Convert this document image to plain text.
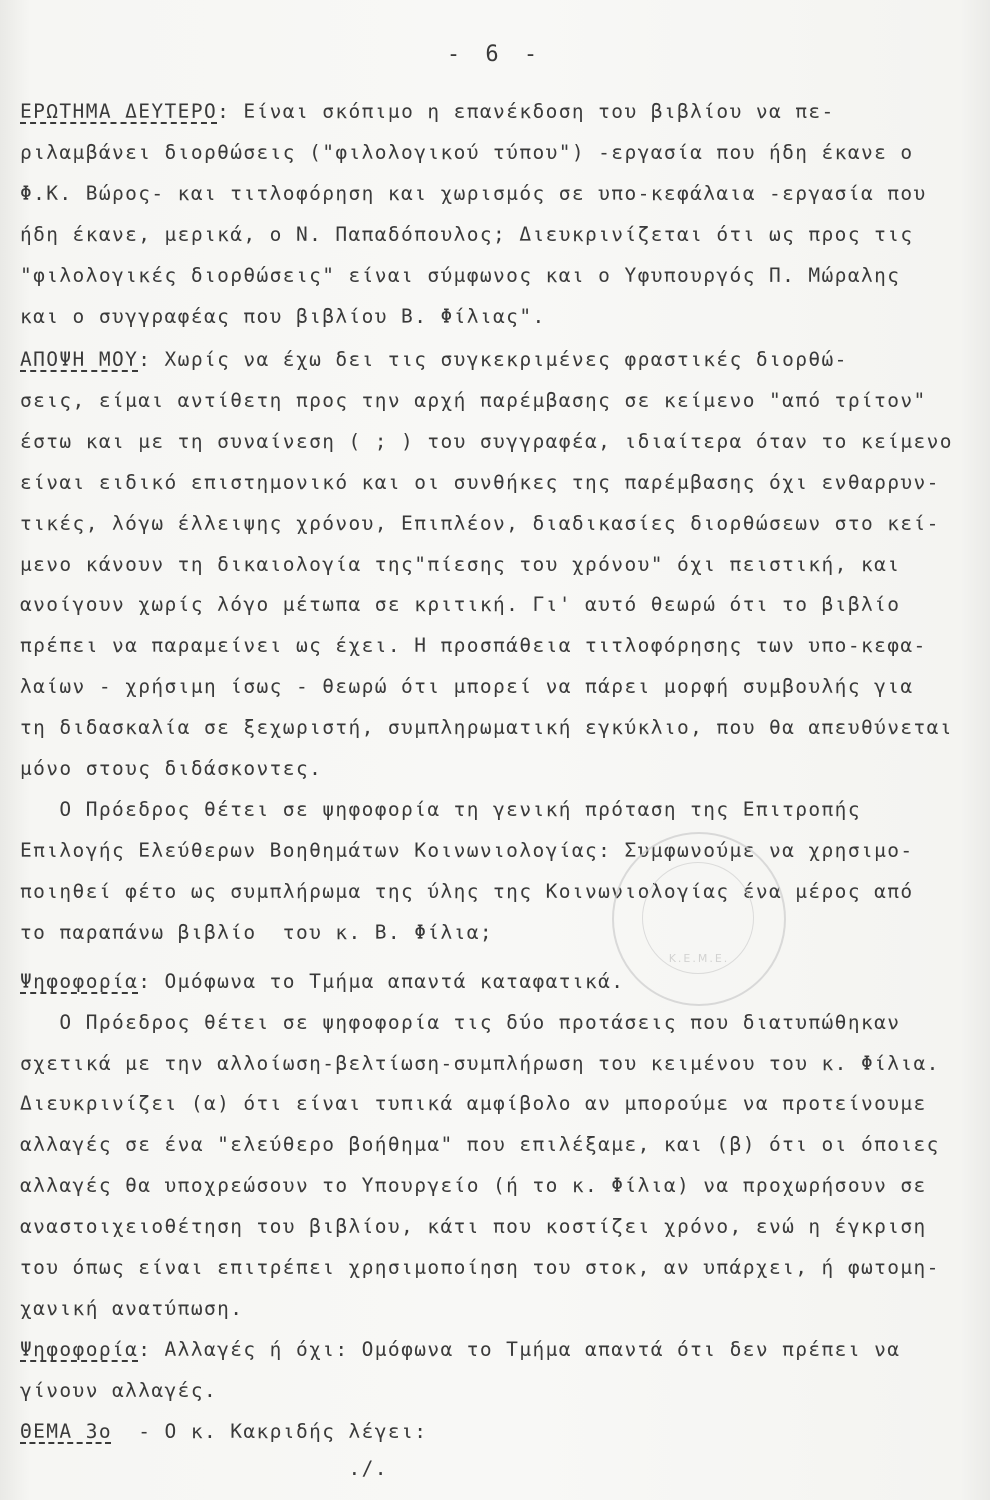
- 6 -
ΕΡΩΤΗΜΑ ΔΕΥΤΕΡΟ: Είναι σκόπιμο η επανέκδοση του βιβλίου να πε-
ριλαμβάνει διορθώσεις ("φιλολογικού τύπου") -εργασία που ήδη έκανε ο
Φ.Κ. Βώρος- και τιτλοφόρηση και χωρισμός σε υπο-κεφάλαια -εργασία που
ήδη έκανε, μερικά, ο Ν. Παπαδόπουλος; Διευκρινίζεται ότι ως προς τις
"φιλολογικές διορθώσεις" είναι σύμφωνος και ο Υφυπουργός Π. Μώραλης
και ο συγγραφέας που βιβλίου Β. Φίλιας".
ΑΠΟΨΗ ΜΟΥ: Χωρίς να έχω δει τις συγκεκριμένες φραστικές διορθώ-
σεις, είμαι αντίθετη προς την αρχή παρέμβασης σε κείμενο "από τρίτον"
έστω και με τη συναίνεση ( ; ) του συγγραφέα, ιδιαίτερα όταν το κείμενο
είναι ειδικό επιστημονικό και οι συνθήκες της παρέμβασης όχι ενθαρρυν-
τικές, λόγω έλλειψης χρόνου, Επιπλέον, διαδικασίες διορθώσεων στο κεί-
μενο κάνουν τη δικαιολογία της"πίεσης του χρόνου" όχι πειστική, και
ανοίγουν χωρίς λόγο μέτωπα σε κριτική. Γι' αυτό θεωρώ ότι το βιβλίο
πρέπει να παραμείνει ως έχει. Η προσπάθεια τιτλοφόρησης των υπο-κεφα-
λαίων - χρήσιμη ίσως - θεωρώ ότι μπορεί να πάρει μορφή συμβουλής για
τη διδασκαλία σε ξεχωριστή, συμπληρωματική εγκύκλιο, που θα απευθύνεται
μόνο στους διδάσκοντες.
Ο Πρόεδρος θέτει σε ψηφοφορία τη γενική πρόταση της Επιτροπής
Επιλογής Ελεύθερων Βοηθημάτων Κοινωνιολογίας: Συμφωνούμε να χρησιμο-
ποιηθεί φέτο ως συμπλήρωμα της ύλης της Κοινωνιολογίας ένα μέρος από
το παραπάνω βιβλίο  του κ. Β. Φίλια;
Ψηφοφορία: Ομόφωνα το Τμήμα απαντά καταφατικά.
Ο Πρόεδρος θέτει σε ψηφοφορία τις δύο προτάσεις που διατυπώθηκαν
σχετικά με την αλλοίωση-βελτίωση-συμπλήρωση του κειμένου του κ. Φίλια.
Διευκρινίζει (α) ότι είναι τυπικά αμφίβολο αν μπορούμε να προτείνουμε
αλλαγές σε ένα "ελεύθερο βοήθημα" που επιλέξαμε, και (β) ότι οι όποιες
αλλαγές θα υποχρεώσουν το Υπουργείο (ή το κ. Φίλια) να προχωρήσουν σε
αναστοιχειοθέτηση του βιβλίου, κάτι που κοστίζει χρόνο, ενώ η έγκριση
του όπως είναι επιτρέπει χρησιμοποίηση του στοκ, αν υπάρχει, ή φωτομη-
χανική ανατύπωση.
Ψηφοφορία: Αλλαγές ή όχι: Ομόφωνα το Τμήμα απαντά ότι δεν πρέπει να
γίνουν αλλαγές.
ΘΕΜΑ 3ο  - Ο κ. Κακριδής λέγει:
./.
Κ.Ε.Μ.Ε.
